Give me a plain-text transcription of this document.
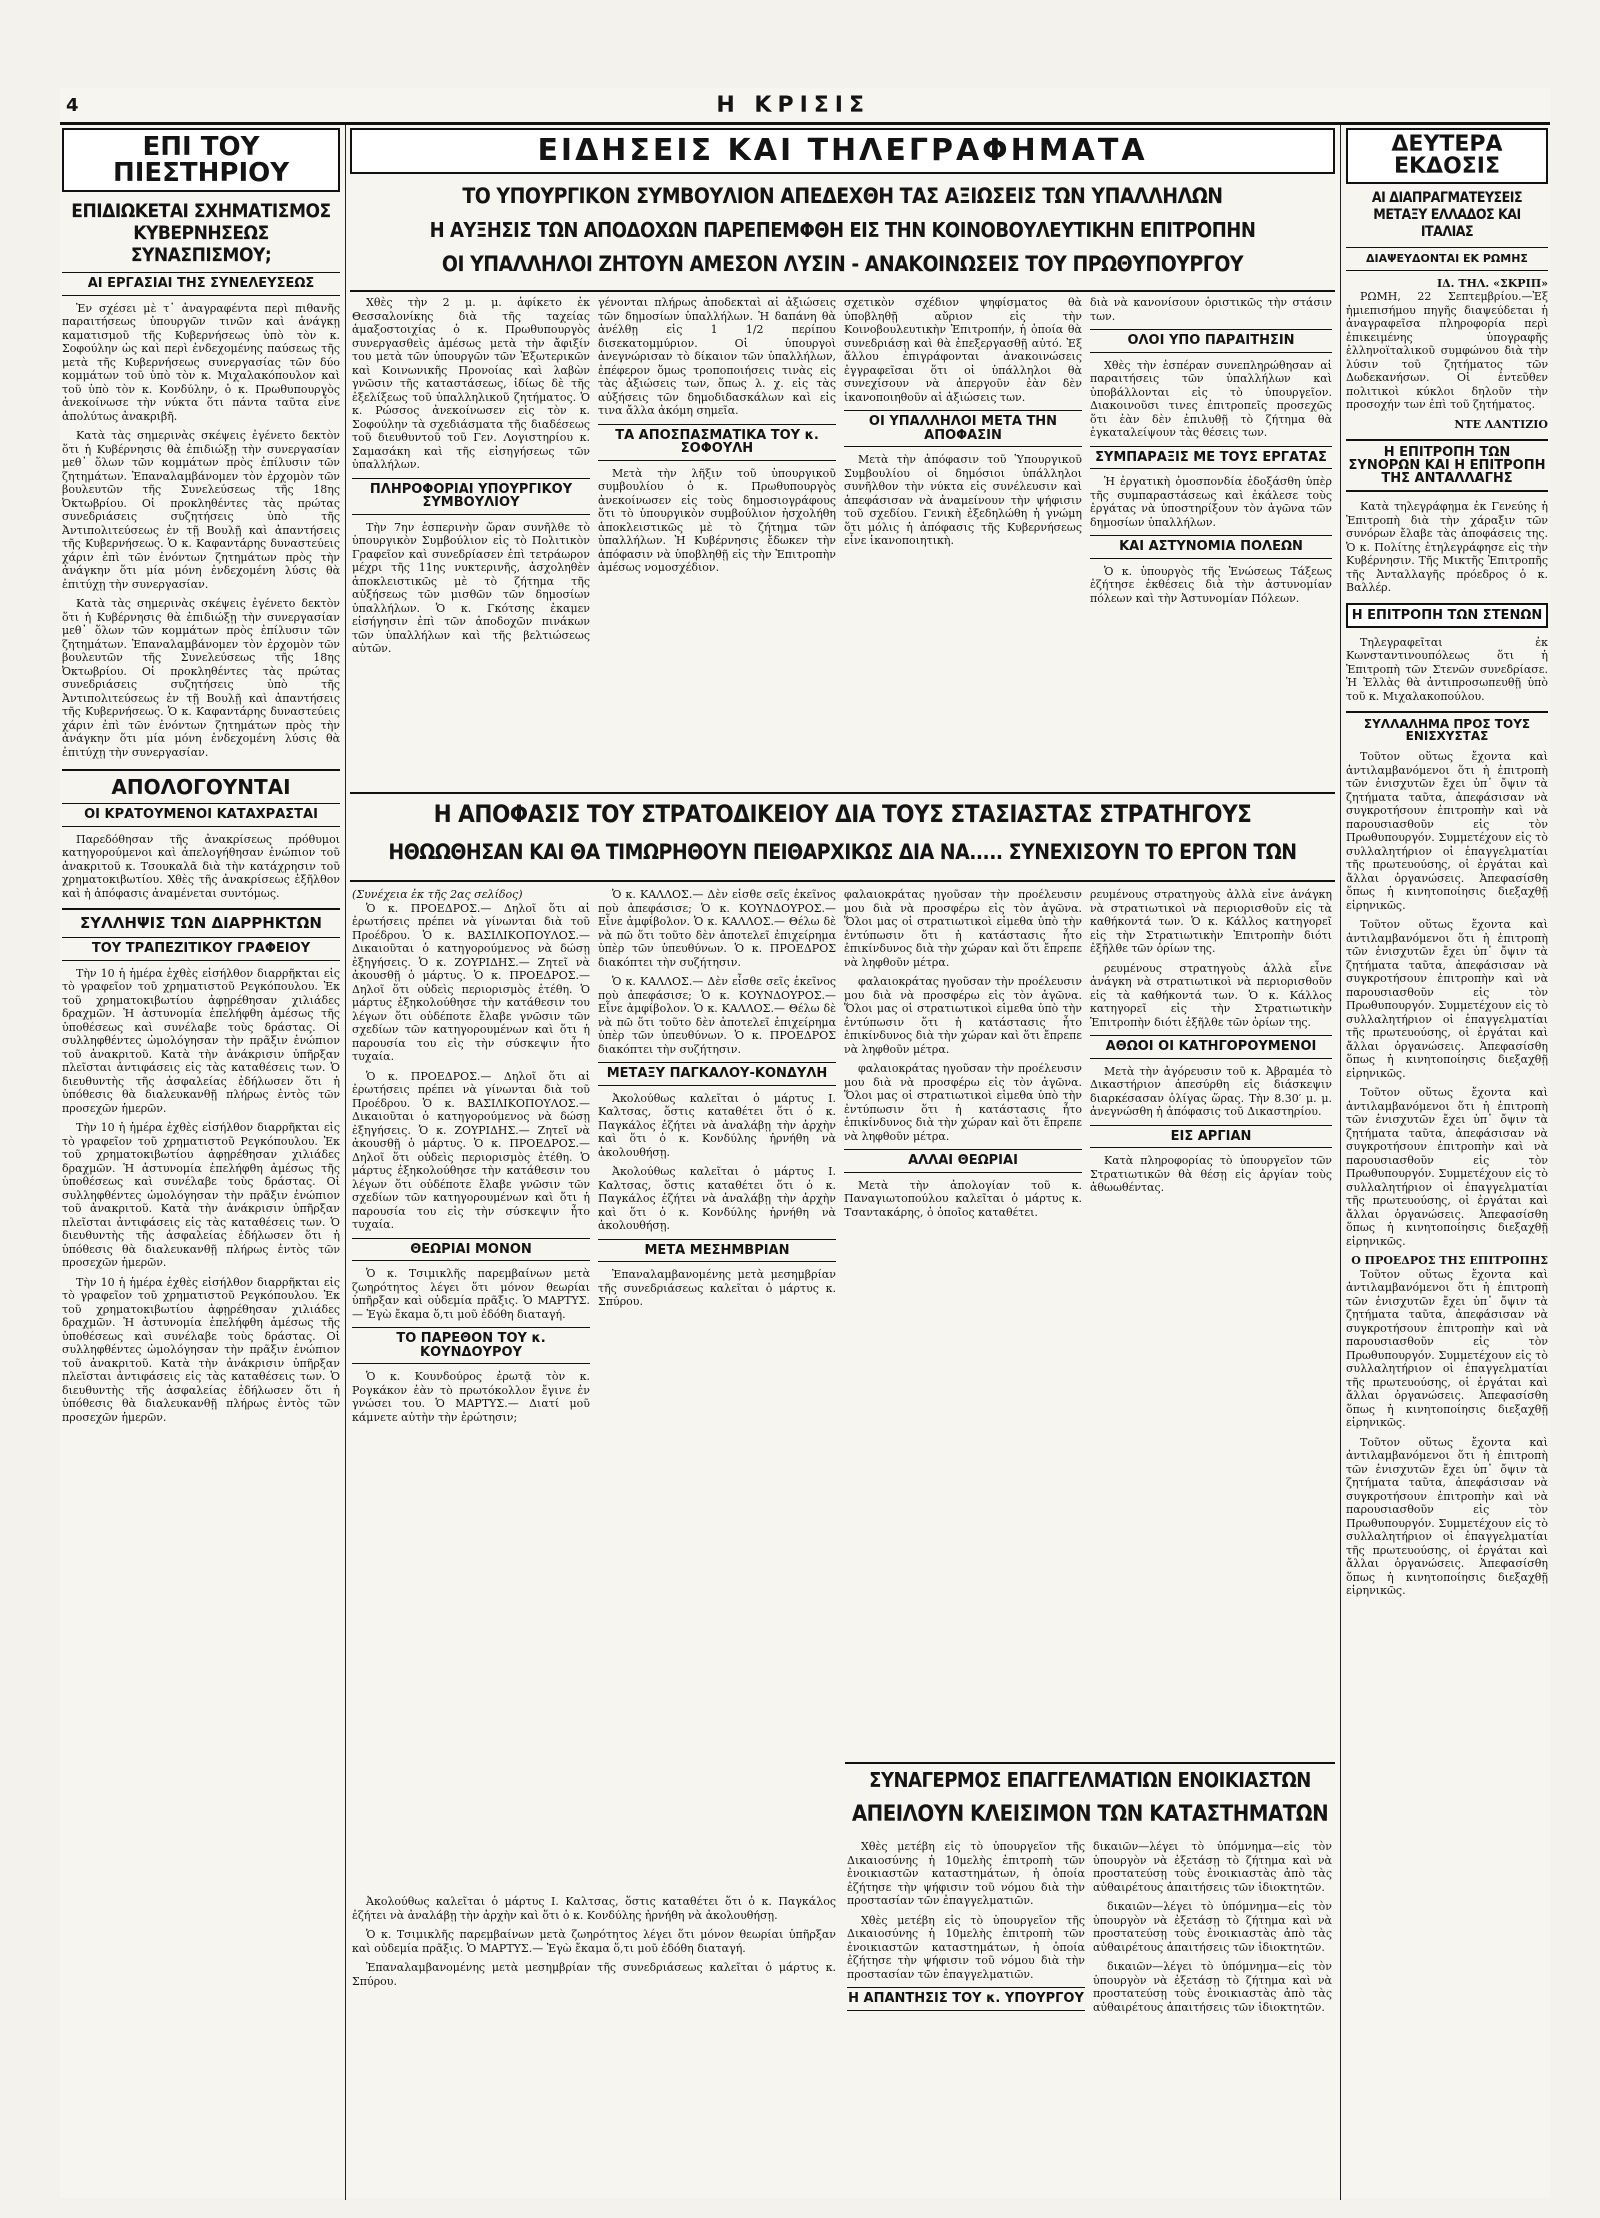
4	Η ΚΡΙΣΙΣ
ΕΠΙ ΤΟΥ ΠΙΕΣΤΗΡΙΟΥ
ΕΠΙΔΙΩΚΕΤΑΙ ΣΧΗΜΑΤΙΣΜΟΣ ΚΥΒΕΡΝΗΣΕΩΣ ΣΥΝΑΣΠΙΣΜΟΥ;
ΑΙ ΕΡΓΑΣΙΑΙ ΤΗΣ ΣΥΝΕΛΕΥΣΕΩΣ

Ἐν σχέσει μὲ τ᾽ ἀναγραφέντα περὶ πιθανῆς παραιτήσεως ὑπουργῶν τινῶν καὶ ἀνάγκῃ καματισμοῦ τῆς Κυβερνήσεως ὑπὸ τὸν κ. Σοφούλην ὡς καὶ περὶ ἐνδεχομένης παύσεως τῆς μετὰ τῆς Κυβερνήσεως συνεργασίας τῶν δύο κομμάτων τοῦ ὑπὸ τὸν κ. Μιχαλακόπουλον καὶ τοῦ ὑπὸ τὸν κ. Κονδύλην, ὁ κ. Πρωθυπουργὸς ἀνεκοίνωσε τὴν νύκτα ὅτι πάντα ταῦτα εἶνε ἀπολύτως ἀνακριβῆ.

Κατὰ τὰς σημερινὰς σκέψεις ἐγένετο δεκτὸν ὅτι ἡ Κυβέρνησις θὰ ἐπιδιώξῃ τὴν συνεργασίαν μεθ᾽ ὅλων τῶν κομμάτων πρὸς ἐπίλυσιν τῶν ζητημάτων. Ἐπαναλαμβάνομεν τὸν ἐρχομὸν τῶν βουλευτῶν τῆς Συνελεύσεως τῆς 18ης Ὀκτωβρίου. Οἱ προκληθέντες τὰς πρώτας συνεδριάσεις συζητήσεις ὑπὸ τῆς Ἀντιπολιτεύσεως ἐν τῇ Βουλῇ καὶ ἀπαντήσεις τῆς Κυβερνήσεως. Ὁ κ. Καφαντάρης δυναστεύεις χάριν ἐπὶ τῶν ἐνόντων ζητημάτων πρὸς τὴν ἀνάγκην ὅτι μία μόνη ἐνδεχομένη λύσις θὰ ἐπιτύχῃ τὴν συνεργασίαν.

Κατὰ τὰς σημερινὰς σκέψεις ἐγένετο δεκτὸν ὅτι ἡ Κυβέρνησις θὰ ἐπιδιώξῃ τὴν συνεργασίαν μεθ᾽ ὅλων τῶν κομμάτων πρὸς ἐπίλυσιν τῶν ζητημάτων. Ἐπαναλαμβάνομεν τὸν ἐρχομὸν τῶν βουλευτῶν τῆς Συνελεύσεως τῆς 18ης Ὀκτωβρίου. Οἱ προκληθέντες τὰς πρώτας συνεδριάσεις συζητήσεις ὑπὸ τῆς Ἀντιπολιτεύσεως ἐν τῇ Βουλῇ καὶ ἀπαντήσεις τῆς Κυβερνήσεως. Ὁ κ. Καφαντάρης δυναστεύεις χάριν ἐπὶ τῶν ἐνόντων ζητημάτων πρὸς τὴν ἀνάγκην ὅτι μία μόνη ἐνδεχομένη λύσις θὰ ἐπιτύχῃ τὴν συνεργασίαν.

ΑΠΟΛΟΓΟΥΝΤΑΙ
ΟΙ ΚΡΑΤΟΥΜΕΝΟΙ ΚΑΤΑΧΡΑΣΤΑΙ

Παρεδόθησαν τῆς ἀνακρίσεως πρόθυμοι κατηγορούμενοι καὶ ἀπελογήθησαν ἐνώπιον τοῦ ἀνακριτοῦ κ. Τσουκαλᾶ διὰ τὴν κατάχρησιν τοῦ χρηματοκιβωτίου. Χθὲς τῆς ἀνακρίσεως ἐξῆλθον καὶ ἡ ἀπόφασις ἀναμένεται συντόμως.

ΣΥΛΛΗΨΙΣ ΤΩΝ ΔΙΑΡΡΗΚΤΩΝ
ΤΟΥ ΤΡΑΠΕΖΙΤΙΚΟΥ ΓΡΑΦΕΙΟΥ

Τὴν 10 ἡ ἡμέρα ἐχθὲς εἰσήλθον διαρρῆκται εἰς τὸ γραφεῖον τοῦ χρηματιστοῦ Ρεγκόπουλου. Ἐκ τοῦ χρηματοκιβωτίου ἀφῃρέθησαν χιλιάδες δραχμῶν. Ἡ ἀστυνομία ἐπελήφθη ἀμέσως τῆς ὑποθέσεως καὶ συνέλαβε τοὺς δράστας. Οἱ συλληφθέντες ὡμολόγησαν τὴν πρᾶξιν ἐνώπιον τοῦ ἀνακριτοῦ. Κατὰ τὴν ἀνάκρισιν ὑπῆρξαν πλεῖσται ἀντιφάσεις εἰς τὰς καταθέσεις των. Ὁ διευθυντὴς τῆς ἀσφαλείας ἐδήλωσεν ὅτι ἡ ὑπόθεσις θὰ διαλευκανθῇ πλήρως ἐντὸς τῶν προσεχῶν ἡμερῶν.

Τὴν 10 ἡ ἡμέρα ἐχθὲς εἰσήλθον διαρρῆκται εἰς τὸ γραφεῖον τοῦ χρηματιστοῦ Ρεγκόπουλου. Ἐκ τοῦ χρηματοκιβωτίου ἀφῃρέθησαν χιλιάδες δραχμῶν. Ἡ ἀστυνομία ἐπελήφθη ἀμέσως τῆς ὑποθέσεως καὶ συνέλαβε τοὺς δράστας. Οἱ συλληφθέντες ὡμολόγησαν τὴν πρᾶξιν ἐνώπιον τοῦ ἀνακριτοῦ. Κατὰ τὴν ἀνάκρισιν ὑπῆρξαν πλεῖσται ἀντιφάσεις εἰς τὰς καταθέσεις των. Ὁ διευθυντὴς τῆς ἀσφαλείας ἐδήλωσεν ὅτι ἡ ὑπόθεσις θὰ διαλευκανθῇ πλήρως ἐντὸς τῶν προσεχῶν ἡμερῶν.

Τὴν 10 ἡ ἡμέρα ἐχθὲς εἰσήλθον διαρρῆκται εἰς τὸ γραφεῖον τοῦ χρηματιστοῦ Ρεγκόπουλου. Ἐκ τοῦ χρηματοκιβωτίου ἀφῃρέθησαν χιλιάδες δραχμῶν. Ἡ ἀστυνομία ἐπελήφθη ἀμέσως τῆς ὑποθέσεως καὶ συνέλαβε τοὺς δράστας. Οἱ συλληφθέντες ὡμολόγησαν τὴν πρᾶξιν ἐνώπιον τοῦ ἀνακριτοῦ. Κατὰ τὴν ἀνάκρισιν ὑπῆρξαν πλεῖσται ἀντιφάσεις εἰς τὰς καταθέσεις των. Ὁ διευθυντὴς τῆς ἀσφαλείας ἐδήλωσεν ὅτι ἡ ὑπόθεσις θὰ διαλευκανθῇ πλήρως ἐντὸς τῶν προσεχῶν ἡμερῶν.

ΕΙΔΗΣΕΙΣ ΚΑΙ ΤΗΛΕΓΡΑΦΗΜΑΤΑ
ΤΟ ΥΠΟΥΡΓΙΚΟΝ ΣΥΜΒΟΥΛΙΟΝ ΑΠΕΔΕΧΘΗ ΤΑΣ ΑΞΙΩΣΕΙΣ ΤΩΝ ΥΠΑΛΛΗΛΩΝ
Η ΑΥΞΗΣΙΣ ΤΩΝ ΑΠΟΔΟΧΩΝ ΠΑΡΕΠΕΜΦΘΗ ΕΙΣ ΤΗΝ ΚΟΙΝΟΒΟΥΛΕΥΤΙΚΗΝ ΕΠΙΤΡΟΠΗΝ
ΟΙ ΥΠΑΛΛΗΛΟΙ ΖΗΤΟΥΝ ΑΜΕΣΟΝ ΛΥΣΙΝ - ΑΝΑΚΟΙΝΩΣΕΙΣ ΤΟΥ ΠΡΩΘΥΠΟΥΡΓΟΥ

Χθὲς τὴν 2 μ. μ. ἀφίκετο ἐκ Θεσσαλονίκης διὰ τῆς ταχείας ἁμαξοστοιχίας ὁ κ. Πρωθυπουργὸς συνεργασθεὶς ἀμέσως μετὰ τὴν ἄφιξίν του μετὰ τῶν ὑπουργῶν τῶν Ἐξωτερικῶν καὶ Κοινωνικῆς Προνοίας καὶ λαβὼν γνῶσιν τῆς καταστάσεως, ἰδίως δὲ τῆς ἐξελίξεως τοῦ ὑπαλληλικοῦ ζητήματος. Ὁ κ. Ρώσσος ἀνεκοίνωσεν εἰς τὸν κ. Σοφούλην τὰ σχεδιάσματα τῆς διαδέσεως τοῦ διευθυντοῦ τοῦ Γεν. Λογιστηρίου κ. Σαμασάκη καὶ τῆς εἰσηγήσεως τῶν ὑπαλλήλων.

ΠΛΗΡΟΦΟΡΙΑΙ ΥΠΟΥΡΓΙΚΟΥ ΣΥΜΒΟΥΛΙΟΥ

Τὴν 7ην ἑσπερινὴν ὥραν συνῆλθε τὸ ὑπουργικὸν Συμβούλιον εἰς τὸ Πολιτικὸν Γραφεῖον καὶ συνεδρίασεν ἐπὶ τετράωρον μέχρι τῆς 11ης νυκτερινῆς, ἀσχοληθὲν ἀποκλειστικῶς μὲ τὸ ζήτημα τῆς αὐξήσεως τῶν μισθῶν τῶν δημοσίων ὑπαλλήλων. Ὁ κ. Γκότσης ἐκαμεν εἰσήγησιν ἐπὶ τῶν ἀποδοχῶν πινάκων τῶν ὑπαλλήλων καὶ τῆς βελτιώσεως αὐτῶν.

γένονται πλήρως ἀποδεκταὶ αἱ ἀξιώσεις τῶν δημοσίων ὑπαλλήλων. Ἡ δαπάνη θὰ ἀνέλθῃ εἰς 1 1/2 περίπου δισεκατομμύριον. Οἱ ὑπουργοὶ ἀνεγνώρισαν τὸ δίκαιον τῶν ὑπαλλήλων, ἐπέφερον ὅμως τροποποιήσεις τινὰς εἰς τὰς ἀξιώσεις των, ὅπως λ. χ. εἰς τὰς αὐξήσεις τῶν δημοδιδασκάλων καὶ εἰς τινα ἄλλα ἀκόμη σημεῖα.

ΤΑ ΑΠΟΣΠΑΣΜΑΤΙΚΑ ΤΟΥ κ. ΣΟΦΟΥΛΗ

Μετὰ τὴν λῆξιν τοῦ ὑπουργικοῦ συμβουλίου ὁ κ. Πρωθυπουργὸς ἀνεκοίνωσεν εἰς τοὺς δημοσιογράφους ὅτι τὸ ὑπουργικὸν συμβούλιον ἠσχολήθη ἀποκλειστικῶς μὲ τὸ ζήτημα τῶν ὑπαλλήλων. Ἡ Κυβέρνησις ἔδωκεν τὴν ἀπόφασιν νὰ ὑποβληθῇ εἰς τὴν Ἐπιτροπὴν ἀμέσως νομοσχέδιον.

σχετικὸν σχέδιον ψηφίσματος θὰ ὑποβληθῇ αὔριον εἰς τὴν Κοινοβουλευτικὴν Ἐπιτροπήν, ἡ ὁποία θὰ συνεδριάσῃ καὶ θὰ ἐπεξεργασθῇ αὐτό. Ἐξ ἄλλου ἐπιγράφονται ἀνακοινώσεις ἐγγραφεῖσαι ὅτι οἱ ὑπάλληλοι θὰ συνεχίσουν νὰ ἀπεργοῦν ἐὰν δὲν ἱκανοποιηθοῦν αἱ ἀξιώσεις των.

ΟΙ ΥΠΑΛΛΗΛΟΙ ΜΕΤΑ ΤΗΝ ΑΠΟΦΑΣΙΝ

Μετὰ τὴν ἀπόφασιν τοῦ Ὑπουργικοῦ Συμβουλίου οἱ δημόσιοι ὑπάλληλοι συνῆλθον τὴν νύκτα εἰς συνέλευσιν καὶ ἀπεφάσισαν νὰ ἀναμείνουν τὴν ψήφισιν τοῦ σχεδίου. Γενικὴ ἐξεδηλώθη ἡ γνώμη ὅτι μόλις ἡ ἀπόφασις τῆς Κυβερνήσεως εἶνε ἱκανοποιητικὴ.

διὰ νὰ κανονίσουν ὁριστικῶς τὴν στάσιν των.

ΟΛΟΙ ΥΠΟ ΠΑΡΑΙΤΗΣΙΝ

Χθὲς τὴν ἑσπέραν συνεπληρώθησαν αἱ παραιτήσεις τῶν ὑπαλλήλων καὶ ὑποβάλλονται εἰς τὸ ὑπουργεῖον. Διακοινοῦσι τινες ἐπιτροπεῖς προσεχῶς ὅτι ἐὰν δὲν ἐπιλυθῇ τὸ ζήτημα θὰ ἐγκαταλείψουν τὰς θέσεις των.

ΣΥΜΠΑΡΑΞΙΣ ΜΕ ΤΟΥΣ ΕΡΓΑΤΑΣ

Ἡ ἐργατικὴ ὁμοσπονδία ἐδοξάσθη ὑπὲρ τῆς συμπαραστάσεως καὶ ἐκάλεσε τοὺς ἐργάτας νὰ ὑποστηρίξουν τὸν ἀγῶνα τῶν δημοσίων ὑπαλλήλων.

ΚΑΙ ΑΣΤΥΝΟΜΙΑ ΠΟΛΕΩΝ

Ὁ κ. ὑπουργὸς τῆς Ἐνώσεως Τάξεως ἐζήτησε ἐκθέσεις διὰ τὴν ἀστυνομίαν πόλεων καὶ τὴν Ἀστυνομίαν Πόλεων.

Η ΑΠΟΦΑΣΙΣ ΤΟΥ ΣΤΡΑΤΟΔΙΚΕΙΟΥ ΔΙΑ ΤΟΥΣ ΣΤΑΣΙΑΣΤΑΣ ΣΤΡΑΤΗΓΟΥΣ
ΗΘΩΩΘΗΣΑΝ ΚΑΙ ΘΑ ΤΙΜΩΡΗΘΟΥΝ ΠΕΙΘΑΡΧΙΚΩΣ ΔΙΑ ΝΑ..... ΣΥΝΕΧΙΣΟΥΝ ΤΟ ΕΡΓΟΝ ΤΩΝ
(Συνέχεια ἐκ τῆς 2ας σελίδος)

Ὁ κ. ΠΡΟΕΔΡΟΣ.— Δηλοῖ ὅτι αἱ ἐρωτήσεις πρέπει νὰ γίνωνται διὰ τοῦ Προέδρου. Ὁ κ. ΒΑΣΙΛΙΚΟΠΟΥΛΟΣ.— Δικαιοῦται ὁ κατηγορούμενος νὰ δώσῃ ἐξηγήσεις. Ὁ κ. ΖΟΥΡΙΔΗΣ.— Ζητεῖ νὰ ἀκουσθῇ ὁ μάρτυς. Ὁ κ. ΠΡΟΕΔΡΟΣ.— Δηλοῖ ὅτι οὐδεὶς περιορισμὸς ἐτέθη. Ὁ μάρτυς ἐξηκολούθησε τὴν κατάθεσιν του λέγων ὅτι οὐδέποτε ἔλαβε γνῶσιν τῶν σχεδίων τῶν κατηγορουμένων καὶ ὅτι ἡ παρουσία του εἰς τὴν σύσκεψιν ἦτο τυχαία.

Ὁ κ. ΠΡΟΕΔΡΟΣ.— Δηλοῖ ὅτι αἱ ἐρωτήσεις πρέπει νὰ γίνωνται διὰ τοῦ Προέδρου. Ὁ κ. ΒΑΣΙΛΙΚΟΠΟΥΛΟΣ.— Δικαιοῦται ὁ κατηγορούμενος νὰ δώσῃ ἐξηγήσεις. Ὁ κ. ΖΟΥΡΙΔΗΣ.— Ζητεῖ νὰ ἀκουσθῇ ὁ μάρτυς. Ὁ κ. ΠΡΟΕΔΡΟΣ.— Δηλοῖ ὅτι οὐδεὶς περιορισμὸς ἐτέθη. Ὁ μάρτυς ἐξηκολούθησε τὴν κατάθεσιν του λέγων ὅτι οὐδέποτε ἔλαβε γνῶσιν τῶν σχεδίων τῶν κατηγορουμένων καὶ ὅτι ἡ παρουσία του εἰς τὴν σύσκεψιν ἦτο τυχαία.

ΘΕΩΡΙΑΙ ΜΟΝΟΝ

Ὁ κ. Τσιμικλῆς παρεμβαίνων μετὰ ζωηρότητος λέγει ὅτι μόνον θεωρίαι ὑπῆρξαν καὶ οὐδεμία πρᾶξις. Ὁ ΜΑΡΤΥΣ.— Ἐγὼ ἔκαμα ὅ,τι μοῦ ἐδόθη διαταγή.

ΤΟ ΠΑΡΕΘΟΝ ΤΟΥ κ. ΚΟΥΝΔΟΥΡΟΥ

Ὁ κ. Κουνδούρος ἐρωτᾷ τὸν κ. Ρογκάκον ἐὰν τὸ πρωτόκολλον ἔγινε ἐν γνώσει του. Ὁ ΜΑΡΤΥΣ.— Διατί μοῦ κάμνετε αὐτὴν τὴν ἐρώτησιν;

Ὁ κ. ΚΑΛΛΟΣ.— Δὲν εἶσθε σεῖς ἐκεῖνος ποὺ ἀπεφάσισε; Ὁ κ. ΚΟΥΝΔΟΥΡΟΣ.— Εἶνε ἀμφίβολον. Ὁ κ. ΚΑΛΛΟΣ.— Θέλω δὲ νὰ πῶ ὅτι τοῦτο δὲν ἀποτελεῖ ἐπιχείρημα ὑπὲρ τῶν ὑπευθύνων. Ὁ κ. ΠΡΟΕΔΡΟΣ διακόπτει τὴν συζήτησιν.

Ὁ κ. ΚΑΛΛΟΣ.— Δὲν εἶσθε σεῖς ἐκεῖνος ποὺ ἀπεφάσισε; Ὁ κ. ΚΟΥΝΔΟΥΡΟΣ.— Εἶνε ἀμφίβολον. Ὁ κ. ΚΑΛΛΟΣ.— Θέλω δὲ νὰ πῶ ὅτι τοῦτο δὲν ἀποτελεῖ ἐπιχείρημα ὑπὲρ τῶν ὑπευθύνων. Ὁ κ. ΠΡΟΕΔΡΟΣ διακόπτει τὴν συζήτησιν.

ΜΕΤΑΞΥ ΠΑΓΚΑΛΟΥ-ΚΟΝΔΥΛΗ

Ἀκολούθως καλεῖται ὁ μάρτυς Ι. Καλτσας, ὅστις καταθέτει ὅτι ὁ κ. Παγκάλος ἐζήτει νὰ ἀναλάβῃ τὴν ἀρχὴν καὶ ὅτι ὁ κ. Κονδύλης ἠρνήθη νὰ ἀκολουθήσῃ.

Ἀκολούθως καλεῖται ὁ μάρτυς Ι. Καλτσας, ὅστις καταθέτει ὅτι ὁ κ. Παγκάλος ἐζήτει νὰ ἀναλάβῃ τὴν ἀρχὴν καὶ ὅτι ὁ κ. Κονδύλης ἠρνήθη νὰ ἀκολουθήσῃ.

ΜΕΤΑ ΜΕΣΗΜΒΡΙΑΝ

Ἐπαναλαμβανομένης μετὰ μεσημβρίαν τῆς συνεδριάσεως καλεῖται ὁ μάρτυς κ. Σπύρου.

φαλαιοκράτας ηγοῦσαν τὴν προέλευσιν μου διὰ νὰ προσφέρω εἰς τὸν ἀγῶνα. Ὅλοι μας οἱ στρατιωτικοὶ εἰμεθα ὑπὸ τὴν ἐντύπωσιν ὅτι ἡ κατάστασις ἦτο ἐπικίνδυνος διὰ τὴν χώραν καὶ ὅτι ἔπρεπε νὰ ληφθοῦν μέτρα.

φαλαιοκράτας ηγοῦσαν τὴν προέλευσιν μου διὰ νὰ προσφέρω εἰς τὸν ἀγῶνα. Ὅλοι μας οἱ στρατιωτικοὶ εἰμεθα ὑπὸ τὴν ἐντύπωσιν ὅτι ἡ κατάστασις ἦτο ἐπικίνδυνος διὰ τὴν χώραν καὶ ὅτι ἔπρεπε νὰ ληφθοῦν μέτρα.

φαλαιοκράτας ηγοῦσαν τὴν προέλευσιν μου διὰ νὰ προσφέρω εἰς τὸν ἀγῶνα. Ὅλοι μας οἱ στρατιωτικοὶ εἰμεθα ὑπὸ τὴν ἐντύπωσιν ὅτι ἡ κατάστασις ἦτο ἐπικίνδυνος διὰ τὴν χώραν καὶ ὅτι ἔπρεπε νὰ ληφθοῦν μέτρα.

ΑΛΛΑΙ ΘΕΩΡΙΑΙ

Μετὰ τὴν ἀπολογίαν τοῦ κ. Παναγιωτοπούλου καλεῖται ὁ μάρτυς κ. Τσαντακάρης, ὁ ὁποῖος καταθέτει.

ρευμένους στρατηγοὺς ἀλλὰ εἶνε ἀνάγκη νὰ στρατιωτικοὶ νὰ περιορισθοῦν εἰς τὰ καθήκοντά των. Ὁ κ. Κάλλος κατηγορεῖ εἰς τὴν Στρατιωτικὴν Ἐπιτροπὴν διότι ἐξῆλθε τῶν ὁρίων της.

ρευμένους στρατηγοὺς ἀλλὰ εἶνε ἀνάγκη νὰ στρατιωτικοὶ νὰ περιορισθοῦν εἰς τὰ καθήκοντά των. Ὁ κ. Κάλλος κατηγορεῖ εἰς τὴν Στρατιωτικὴν Ἐπιτροπὴν διότι ἐξῆλθε τῶν ὁρίων της.

ΑΘΩΟΙ ΟΙ ΚΑΤΗΓΟΡΟΥΜΕΝΟΙ

Μετὰ τὴν ἀγόρευσιν τοῦ κ. Ἀβραμέα τὸ Δικαστήριον ἀπεσύρθη εἰς διάσκεψιν διαρκέσασαν ὀλίγας ὥρας. Τὴν 8.30′ μ. μ. ἀνεγνώσθη ἡ ἀπόφασις τοῦ Δικαστηρίου.

ΕΙΣ ΑΡΓΙΑΝ

Κατὰ πληροφορίας τὸ ὑπουργεῖον τῶν Στρατιωτικῶν θὰ θέσῃ εἰς ἀργίαν τοὺς ἀθωωθέντας.

ΣΥΝΑΓΕΡΜΟΣ ΕΠΑΓΓΕΛΜΑΤΙΩΝ ΕΝΟΙΚΙΑΣΤΩΝ
ΑΠΕΙΛΟΥΝ ΚΛΕΙΣΙΜΟΝ ΤΩΝ ΚΑΤΑΣΤΗΜΑΤΩΝ

Χθὲς μετέβη εἰς τὸ ὑπουργεῖον τῆς Δικαιοσύνης ἡ 10μελὴς ἐπιτροπὴ τῶν ἐνοικιαστῶν καταστημάτων, ἡ ὁποία ἐζήτησε τὴν ψήφισιν τοῦ νόμου διὰ τὴν προστασίαν τῶν ἐπαγγελματιῶν.

Χθὲς μετέβη εἰς τὸ ὑπουργεῖον τῆς Δικαιοσύνης ἡ 10μελὴς ἐπιτροπὴ τῶν ἐνοικιαστῶν καταστημάτων, ἡ ὁποία ἐζήτησε τὴν ψήφισιν τοῦ νόμου διὰ τὴν προστασίαν τῶν ἐπαγγελματιῶν.

Η ΑΠΑΝΤΗΣΙΣ ΤΟΥ κ. ΥΠΟΥΡΓΟΥ

δικαιῶν—λέγει τὸ ὑπόμνημα—εἰς τὸν ὑπουργὸν νὰ ἐξετάσῃ τὸ ζήτημα καὶ νὰ προστατεύσῃ τοὺς ἐνοικιαστὰς ἀπὸ τὰς αὐθαιρέτους ἀπαιτήσεις τῶν ἰδιοκτητῶν.

δικαιῶν—λέγει τὸ ὑπόμνημα—εἰς τὸν ὑπουργὸν νὰ ἐξετάσῃ τὸ ζήτημα καὶ νὰ προστατεύσῃ τοὺς ἐνοικιαστὰς ἀπὸ τὰς αὐθαιρέτους ἀπαιτήσεις τῶν ἰδιοκτητῶν.

δικαιῶν—λέγει τὸ ὑπόμνημα—εἰς τὸν ὑπουργὸν νὰ ἐξετάσῃ τὸ ζήτημα καὶ νὰ προστατεύσῃ τοὺς ἐνοικιαστὰς ἀπὸ τὰς αὐθαιρέτους ἀπαιτήσεις τῶν ἰδιοκτητῶν.

Ἀκολούθως καλεῖται ὁ μάρτυς Ι. Καλτσας, ὅστις καταθέτει ὅτι ὁ κ. Παγκάλος ἐζήτει νὰ ἀναλάβῃ τὴν ἀρχὴν καὶ ὅτι ὁ κ. Κονδύλης ἠρνήθη νὰ ἀκολουθήσῃ.

Ὁ κ. Τσιμικλῆς παρεμβαίνων μετὰ ζωηρότητος λέγει ὅτι μόνον θεωρίαι ὑπῆρξαν καὶ οὐδεμία πρᾶξις. Ὁ ΜΑΡΤΥΣ.— Ἐγὼ ἔκαμα ὅ,τι μοῦ ἐδόθη διαταγή.

Ἐπαναλαμβανομένης μετὰ μεσημβρίαν τῆς συνεδριάσεως καλεῖται ὁ μάρτυς κ. Σπύρου.

ΔΕΥΤΕΡΑ ΕΚΔΟΣΙΣ
ΑΙ ΔΙΑΠΡΑΓΜΑΤΕΥΣΕΙΣ ΜΕΤΑΞΥ ΕΛΛΑΔΟΣ ΚΑΙ ΙΤΑΛΙΑΣ
ΔΙΑΨΕΥΔΟΝΤΑΙ ΕΚ ΡΩΜΗΣ
ΙΔ. ΤΗΛ. «ΣΚΡΙΠ»

ΡΩΜΗ, 22 Σεπτεμβρίου.—Ἐξ ἡμιεπισήμου πηγῆς διαψεύδεται ἡ ἀναγραφεῖσα πληροφορία περὶ ἐπικειμένης ὑπογραφῆς ἑλληνοϊταλικοῦ συμφώνου διὰ τὴν λύσιν τοῦ ζητήματος τῶν Δωδεκανήσων. Οἱ ἐντεῦθεν πολιτικοὶ κύκλοι δηλοῦν τὴν προσοχήν των ἐπὶ τοῦ ζητήματος.

ΝΤΕ ΛΑΝΤΙΖΙΟ
Η ΕΠΙΤΡΟΠΗ ΤΩΝ ΣΥΝΟΡΩΝ ΚΑΙ Η ΕΠΙΤΡΟΠΗ ΤΗΣ ΑΝΤΑΛΛΑΓΗΣ

Κατὰ τηλεγράφημα ἐκ Γενεύης ἡ Ἐπιτροπὴ διὰ τὴν χάραξιν τῶν συνόρων ἔλαβε τὰς ἀποφάσεις της. Ὁ κ. Πολίτης ἐτηλεγράφησε εἰς τὴν Κυβέρνησιν. Τῆς Μικτῆς Ἐπιτροπῆς τῆς Ἀνταλλαγῆς πρόεδρος ὁ κ. Βαλλέρ.

Η ΕΠΙΤΡΟΠΗ ΤΩΝ ΣΤΕΝΩΝ

Τηλεγραφεῖται ἐκ Κωνσταντινουπόλεως ὅτι ἡ Ἐπιτροπὴ τῶν Στενῶν συνεδρίασε. Ἡ Ἑλλὰς θὰ ἀντιπροσωπευθῇ ὑπὸ τοῦ κ. Μιχαλακοπούλου.

ΣΥΛΛΑΛΗΜΑ ΠΡΟΣ ΤΟΥΣ ΕΝΙΣΧΥΣΤΑΣ

Τοῦτον οὕτως ἔχοντα καὶ ἀντιλαμβανόμενοι ὅτι ἡ ἐπιτροπὴ τῶν ἐνισχυτῶν ἔχει ὑπ᾽ ὄψιν τὰ ζητήματα ταῦτα, ἀπεφάσισαν νὰ συγκροτήσουν ἐπιτροπὴν καὶ νὰ παρουσιασθοῦν εἰς τὸν Πρωθυπουργόν. Συμμετέχουν εἰς τὸ συλλαλητήριον οἱ ἐπαγγελματίαι τῆς πρωτευούσης, οἱ ἐργάται καὶ ἄλλαι ὀργανώσεις. Ἀπεφασίσθη ὅπως ἡ κινητοποίησις διεξαχθῇ εἰρηνικῶς.

Τοῦτον οὕτως ἔχοντα καὶ ἀντιλαμβανόμενοι ὅτι ἡ ἐπιτροπὴ τῶν ἐνισχυτῶν ἔχει ὑπ᾽ ὄψιν τὰ ζητήματα ταῦτα, ἀπεφάσισαν νὰ συγκροτήσουν ἐπιτροπὴν καὶ νὰ παρουσιασθοῦν εἰς τὸν Πρωθυπουργόν. Συμμετέχουν εἰς τὸ συλλαλητήριον οἱ ἐπαγγελματίαι τῆς πρωτευούσης, οἱ ἐργάται καὶ ἄλλαι ὀργανώσεις. Ἀπεφασίσθη ὅπως ἡ κινητοποίησις διεξαχθῇ εἰρηνικῶς.

Τοῦτον οὕτως ἔχοντα καὶ ἀντιλαμβανόμενοι ὅτι ἡ ἐπιτροπὴ τῶν ἐνισχυτῶν ἔχει ὑπ᾽ ὄψιν τὰ ζητήματα ταῦτα, ἀπεφάσισαν νὰ συγκροτήσουν ἐπιτροπὴν καὶ νὰ παρουσιασθοῦν εἰς τὸν Πρωθυπουργόν. Συμμετέχουν εἰς τὸ συλλαλητήριον οἱ ἐπαγγελματίαι τῆς πρωτευούσης, οἱ ἐργάται καὶ ἄλλαι ὀργανώσεις. Ἀπεφασίσθη ὅπως ἡ κινητοποίησις διεξαχθῇ εἰρηνικῶς.

Ο ΠΡΟΕΔΡΟΣ ΤΗΣ ΕΠΙΤΡΟΠΗΣ

Τοῦτον οὕτως ἔχοντα καὶ ἀντιλαμβανόμενοι ὅτι ἡ ἐπιτροπὴ τῶν ἐνισχυτῶν ἔχει ὑπ᾽ ὄψιν τὰ ζητήματα ταῦτα, ἀπεφάσισαν νὰ συγκροτήσουν ἐπιτροπὴν καὶ νὰ παρουσιασθοῦν εἰς τὸν Πρωθυπουργόν. Συμμετέχουν εἰς τὸ συλλαλητήριον οἱ ἐπαγγελματίαι τῆς πρωτευούσης, οἱ ἐργάται καὶ ἄλλαι ὀργανώσεις. Ἀπεφασίσθη ὅπως ἡ κινητοποίησις διεξαχθῇ εἰρηνικῶς.

Τοῦτον οὕτως ἔχοντα καὶ ἀντιλαμβανόμενοι ὅτι ἡ ἐπιτροπὴ τῶν ἐνισχυτῶν ἔχει ὑπ᾽ ὄψιν τὰ ζητήματα ταῦτα, ἀπεφάσισαν νὰ συγκροτήσουν ἐπιτροπὴν καὶ νὰ παρουσιασθοῦν εἰς τὸν Πρωθυπουργόν. Συμμετέχουν εἰς τὸ συλλαλητήριον οἱ ἐπαγγελματίαι τῆς πρωτευούσης, οἱ ἐργάται καὶ ἄλλαι ὀργανώσεις. Ἀπεφασίσθη ὅπως ἡ κινητοποίησις διεξαχθῇ εἰρηνικῶς.
